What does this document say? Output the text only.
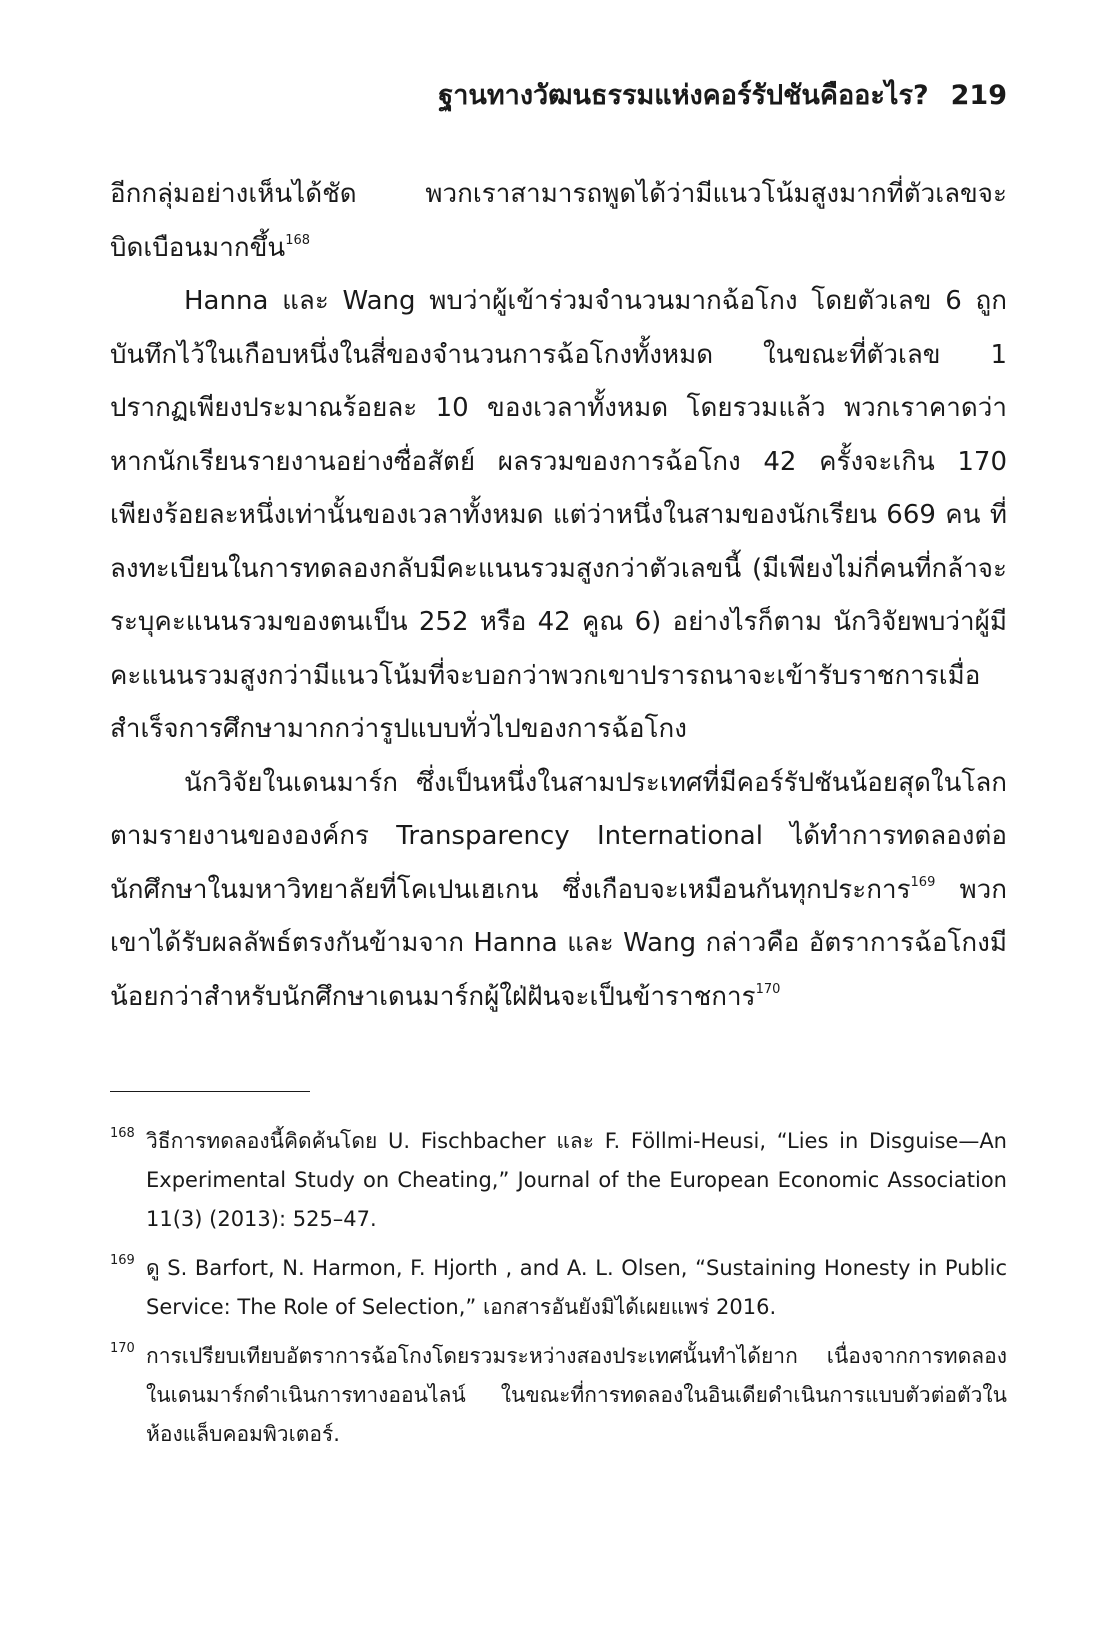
ฐานทางวัฒนธรรมแห่งคอร์รัปชันคืออะไร? 219

อีกกลุ่มอย่างเห็นได้ชัด พวกเราสามารถพูดได้ว่ามีแนวโน้มสูงมากที่ตัวเลขจะบิดเบือนมากขึ้น$^{168}$

Hanna และ Wang พบว่าผู้เข้าร่วมจำนวนมากฉ้อโกง โดยตัวเลข 6 ถูกบันทึกไว้ในเกือบหนึ่งในสี่ของจำนวนการฉ้อโกงทั้งหมด ในขณะที่ตัวเลข 1 ปรากฏเพียงประมาณร้อยละ 10 ของเวลาทั้งหมด โดยรวมแล้ว พวกเราคาดว่าหากนักเรียนรายงานอย่างซื่อสัตย์ ผลรวมของการฉ้อโกง 42 ครั้งจะเกิน 170 เพียงร้อยละหนึ่งเท่านั้นของเวลาทั้งหมด แต่ว่าหนึ่งในสามของนักเรียน 669 คน ที่ลงทะเบียนในการทดลองกลับมีคะแนนรวมสูงกว่าตัวเลขนี้ (มีเพียงไม่กี่คนที่กล้าจะระบุคะแนนรวมของตนเป็น 252 หรือ 42 คูณ 6) อย่างไรก็ตาม นักวิจัยพบว่าผู้มีคะแนนรวมสูงกว่ามีแนวโน้มที่จะบอกว่าพวกเขาปรารถนาจะเข้ารับราชการเมื่อสำเร็จการศึกษามากกว่ารูปแบบทั่วไปของการฉ้อโกง

นักวิจัยในเดนมาร์ก ซึ่งเป็นหนึ่งในสามประเทศที่มีคอร์รัปชันน้อยสุดในโลกตามรายงานขององค์กร Transparency International ได้ทำการทดลองต่อนักศึกษาในมหาวิทยาลัยที่โคเปนเฮเกน ซึ่งเกือบจะเหมือนกันทุกประการ$^{169}$ พวกเขาได้รับผลลัพธ์ตรงกันข้ามจาก Hanna และ Wang กล่าวคือ อัตราการฉ้อโกงมีน้อยกว่าสำหรับนักศึกษาเดนมาร์กผู้ใฝ่ฝันจะเป็นข้าราชการ$^{170}$

168 วิธีการทดลองนี้คิดค้นโดย U. Fischbacher และ F. Föllmi-Heusi, “Lies in Disguise—An Experimental Study on Cheating,” Journal of the European Economic Association 11(3) (2013): 525–47.
169 ดู S. Barfort, N. Harmon, F. Hjorth , and A. L. Olsen, “Sustaining Honesty in Public Service: The Role of Selection,” เอกสารอันยังมิได้เผยแพร่ 2016.
170 การเปรียบเทียบอัตราการฉ้อโกงโดยรวมระหว่างสองประเทศนั้นทำได้ยาก เนื่องจากการทดลองในเดนมาร์กดำเนินการทางออนไลน์ ในขณะที่การทดลองในอินเดียดำเนินการแบบตัวต่อตัวในห้องแล็บคอมพิวเตอร์.
